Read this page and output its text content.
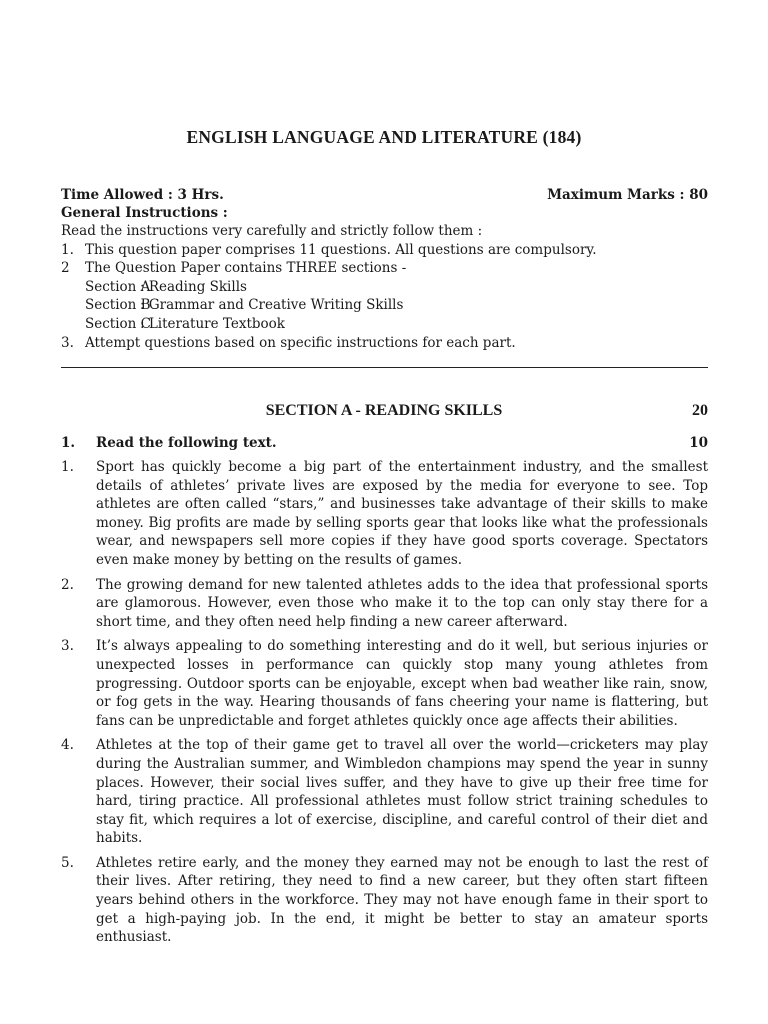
ENGLISH LANGUAGE AND LITERATURE (184)
Time Allowed : 3 Hrs.	Maximum Marks : 80
General Instructions :
Read the instructions very carefully and strictly follow them :
1. This question paper comprises 11 questions. All questions are compulsory.
2 The Question Paper contains THREE sections -
Section A: Reading Skills
Section B: Grammar and Creative Writing Skills
Section C: Literature Textbook
3. Attempt questions based on specific instructions for each part.
SECTION A - READING SKILLS	20
1. Read the following text.	10
1. Sport has quickly become a big part of the entertainment industry, and the smallest details of athletes’ private lives are exposed by the media for everyone to see. Top athletes are often called “stars,” and businesses take advantage of their skills to make money. Big profits are made by selling sports gear that looks like what the professionals wear, and newspapers sell more copies if they have good sports coverage. Spectators even make money by betting on the results of games.
2. The growing demand for new talented athletes adds to the idea that professional sports are glamorous. However, even those who make it to the top can only stay there for a short time, and they often need help finding a new career afterward.
3. It’s always appealing to do something interesting and do it well, but serious injuries or unexpected losses in performance can quickly stop many young athletes from progressing. Outdoor sports can be enjoyable, except when bad weather like rain, snow, or fog gets in the way. Hearing thousands of fans cheering your name is flattering, but fans can be unpredictable and forget athletes quickly once age affects their abilities.
4. Athletes at the top of their game get to travel all over the world—cricketers may play during the Australian summer, and Wimbledon champions may spend the year in sunny places. However, their social lives suffer, and they have to give up their free time for hard, tiring practice. All professional athletes must follow strict training schedules to stay fit, which requires a lot of exercise, discipline, and careful control of their diet and habits.
5. Athletes retire early, and the money they earned may not be enough to last the rest of their lives. After retiring, they need to find a new career, but they often start fifteen years behind others in the workforce. They may not have enough fame in their sport to get a high-paying job. In the end, it might be better to stay an amateur sports enthusiast.
